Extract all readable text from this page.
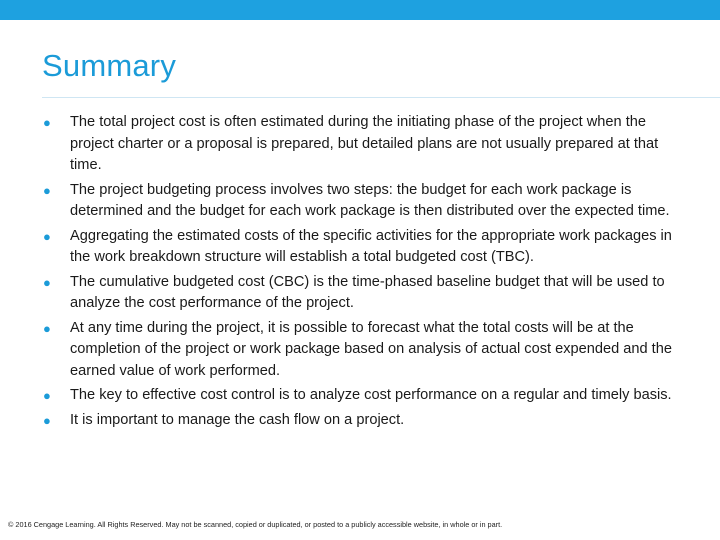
Summary
● The total project cost is often estimated during the initiating phase of the project when the project charter or a proposal is prepared, but detailed plans are not usually prepared at that time.
● The project budgeting process involves two steps: the budget for each work package is determined and the budget for each work package is then distributed over the expected time.
● Aggregating the estimated costs of the specific activities for the appropriate work packages in the work breakdown structure will establish a total budgeted cost (TBC).
● The cumulative budgeted cost (CBC) is the time-phased baseline budget that will be used to analyze the cost performance of the project.
● At any time during the project, it is possible to forecast what the total costs will be at the completion of the project or work package based on analysis of actual cost expended and the earned value of work performed.
● The key to effective cost control is to analyze cost performance on a regular and timely basis.
● It is important to manage the cash flow on a project.
© 2016 Cengage Learning. All Rights Reserved. May not be scanned, copied or duplicated, or posted to a publicly accessible website, in whole or in part.
